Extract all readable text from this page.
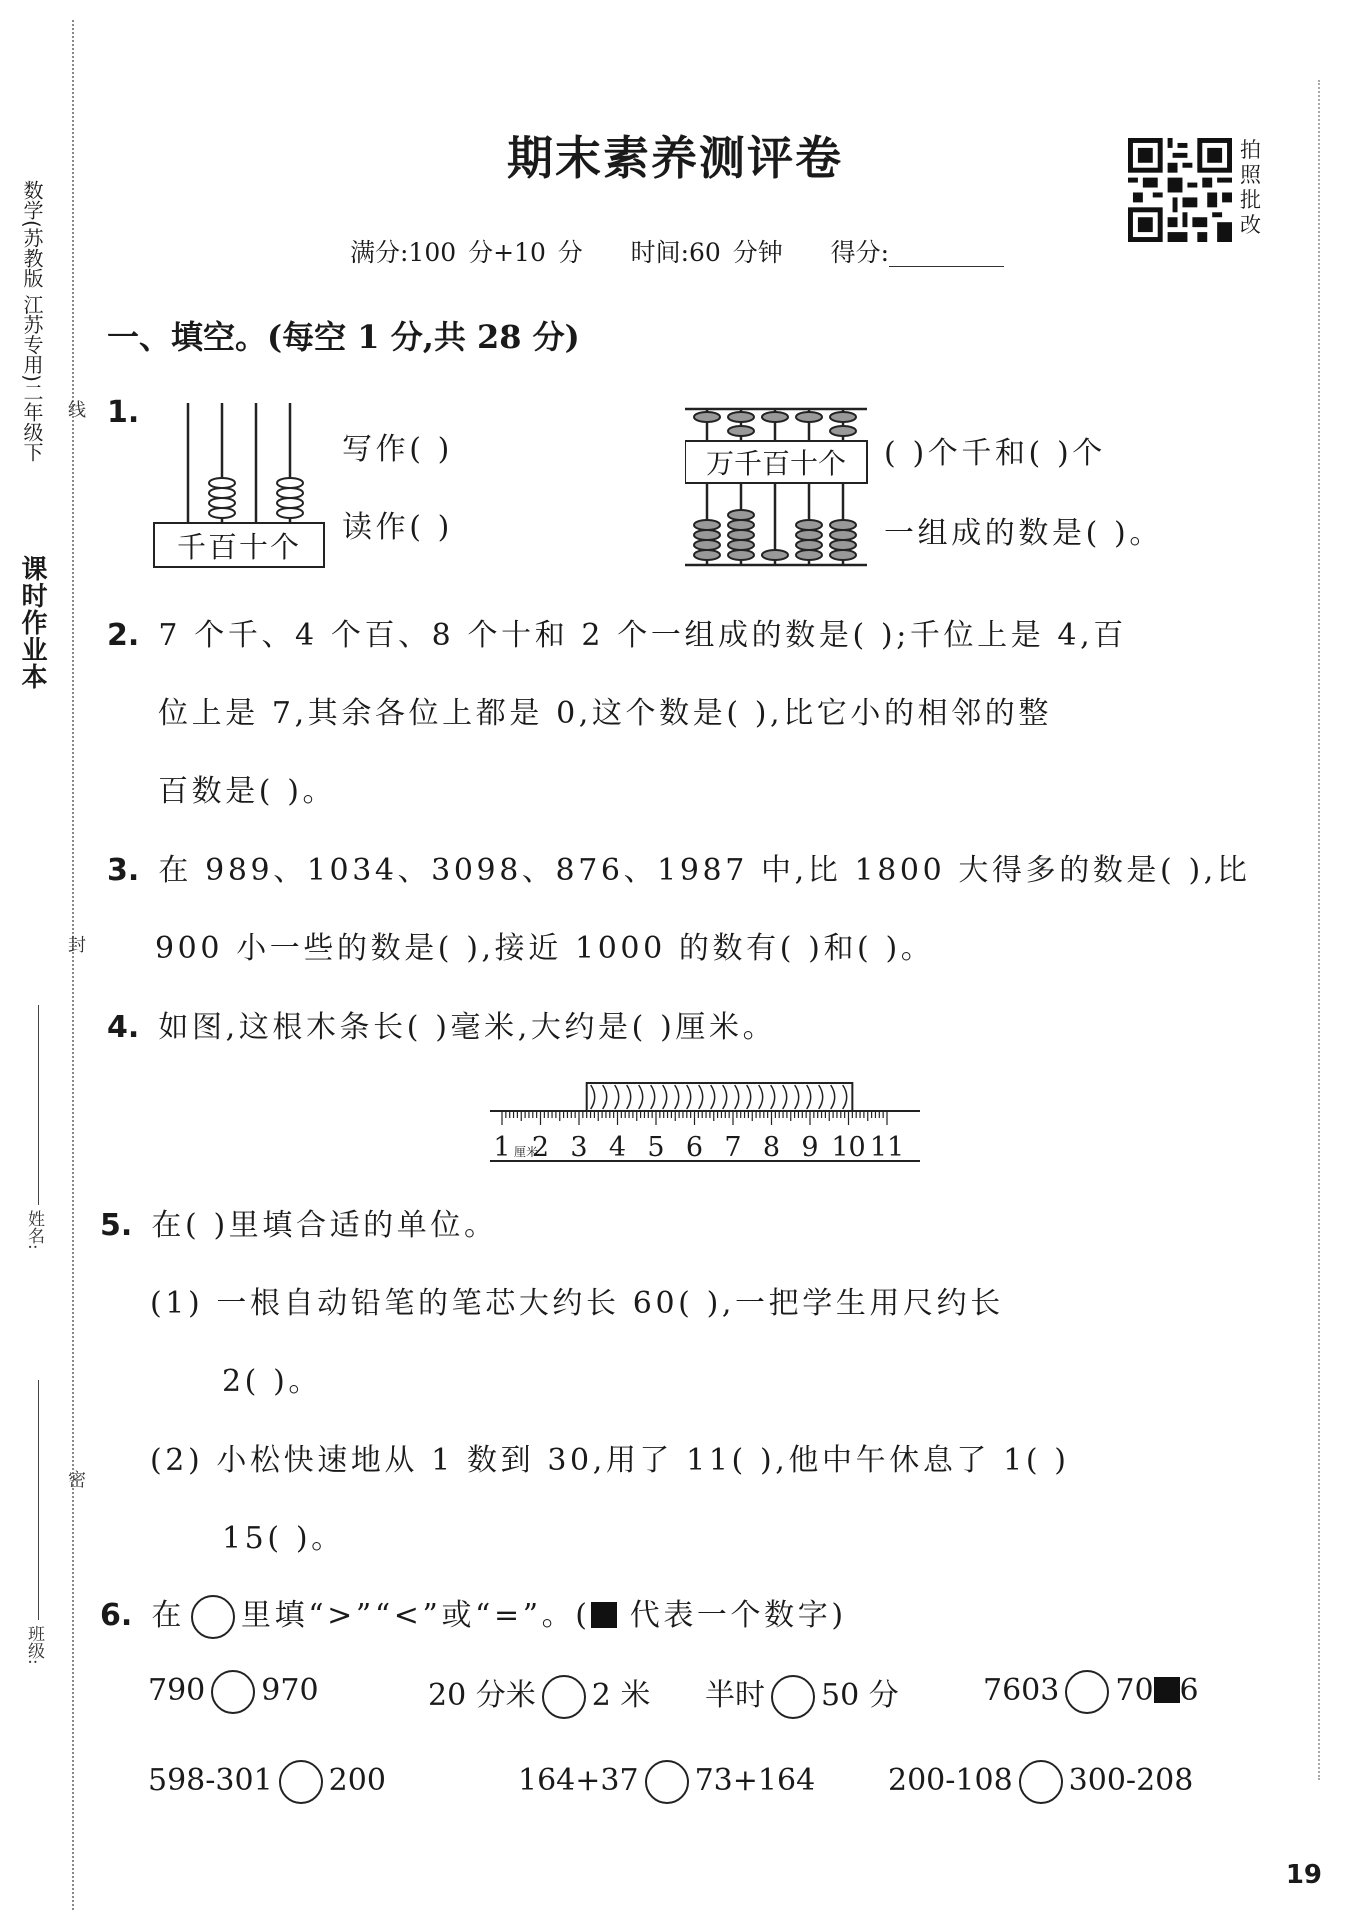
课时作业本
数学(苏教版 江苏专用)二年级下 线
封
密
姓名:
班级:
期末素养测评卷
满分:100 分+10 分 时间:60 分钟 得分:
拍照批改
一、填空。(每空 1 分,共 28 分)
1.
千百十个
写作( )
读作( )
万千百十个 ( )个千和( )个
一组成的数是( )。
2. 7 个千、4 个百、8 个十和 2 个一组成的数是( );千位上是 4,百
位上是 7,其余各位上都是 0,这个数是( ),比它小的相邻的整
百数是( )。
3. 在 989、1034、3098、876、1987 中,比 1800 大得多的数是( ),比
900 小一些的数是( ),接近 1000 的数有( )和( )。
4. 如图,这根木条长( )毫米,大约是( )厘米。
1 2 3 4 5 6 7 8 9 10 11
厘米
5. 在( )里填合适的单位。
(1) 一根自动铅笔的笔芯大约长 60( ),一把学生用尺约长
2( )。
(2) 小松快速地从 1 数到 30,用了 11( ),他中午休息了 1( )
15( )。
6. 在 里填“>”“<”或“=”。( 代表一个数字)
790 970	20 分米 2 米 半时 50 分	7603 70 6
598-301 200	164+37 73+164 200-108 300-208
19
